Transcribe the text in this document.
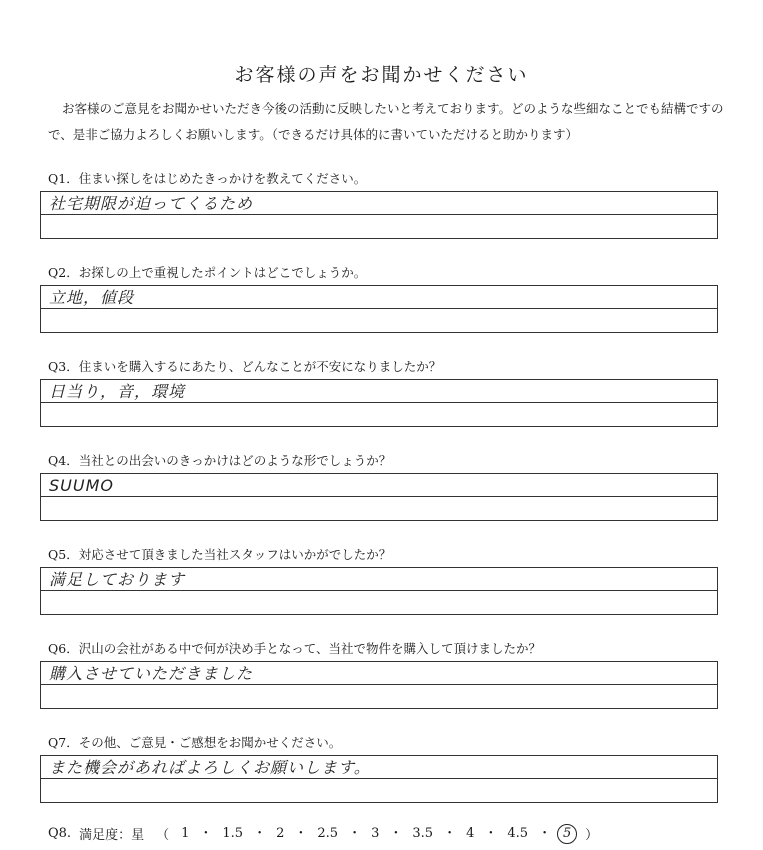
お客様の声をお聞かせください
お客様のご意見をお聞かせいただき今後の活動に反映したいと考えております。どのような些細なことでも結構ですので、是非ご協力よろしくお願いします。（できるだけ具体的に書いていただけると助かります）
Q1．住まい探しをはじめたきっかけを教えてください。
社宅期限が迫ってくるため
Q2．お探しの上で重視したポイントはどこでしょうか。
立地，値段
Q3．住まいを購入するにあたり、どんなことが不安になりましたか？
日当り，音，環境
Q4．当社との出会いのきっかけはどのような形でしょうか？
SUUMO
Q5．対応させて頂きました当社スタッフはいかがでしたか？
満足しております
Q6．沢山の会社がある中で何が決め手となって、当社で物件を購入して頂けましたか？
購入させていただきました
Q7．その他、ご意見・ご感想をお聞かせください。
また機会があればよろしくお願いします。
Q8. 満足度：星 （ 1 ・ 1.5 ・ 2 ・ 2.5 ・ 3 ・ 3.5 ・ 4 ・ 4.5 ・ 5	）
